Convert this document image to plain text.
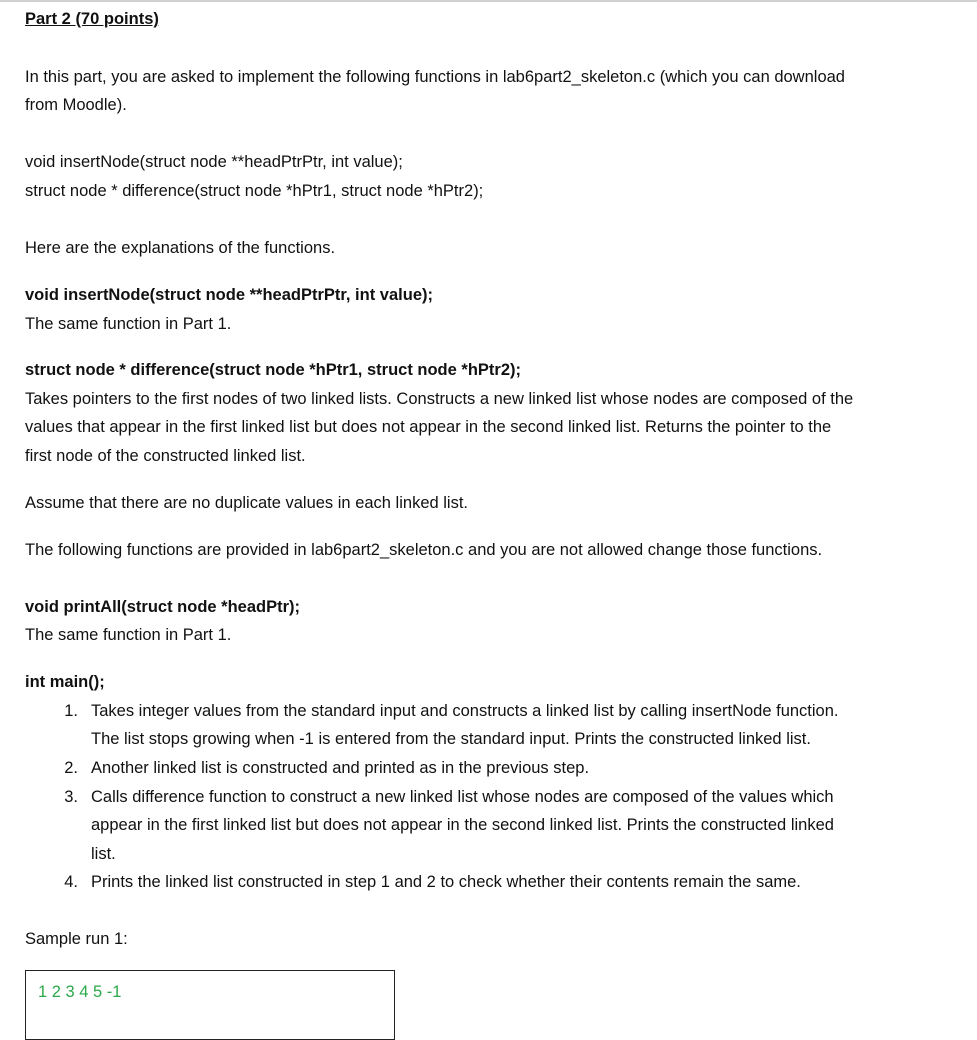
Part 2 (70 points)
In this part, you are asked to implement the following functions in lab6part2_skeleton.c (which you can download
from Moodle).
void insertNode(struct node **headPtrPtr, int value);
struct node * difference(struct node *hPtr1, struct node *hPtr2);
Here are the explanations of the functions.
void insertNode(struct node **headPtrPtr, int value);
The same function in Part 1.
struct node * difference(struct node *hPtr1, struct node *hPtr2);
Takes pointers to the first nodes of two linked lists. Constructs a new linked list whose nodes are composed of the
values that appear in the first linked list but does not appear in the second linked list. Returns the pointer to the
first node of the constructed linked list.
Assume that there are no duplicate values in each linked list.
The following functions are provided in lab6part2_skeleton.c and you are not allowed change those functions.
void printAll(struct node *headPtr);
The same function in Part 1.
int main();
1. Takes integer values from the standard input and constructs a linked list by calling insertNode function.
The list stops growing when -1 is entered from the standard input. Prints the constructed linked list.
2. Another linked list is constructed and printed as in the previous step.
3. Calls difference function to construct a new linked list whose nodes are composed of the values which
appear in the first linked list but does not appear in the second linked list. Prints the constructed linked
list.
4. Prints the linked list constructed in step 1 and 2 to check whether their contents remain the same.
Sample run 1:
1 2 3 4 5 -1
